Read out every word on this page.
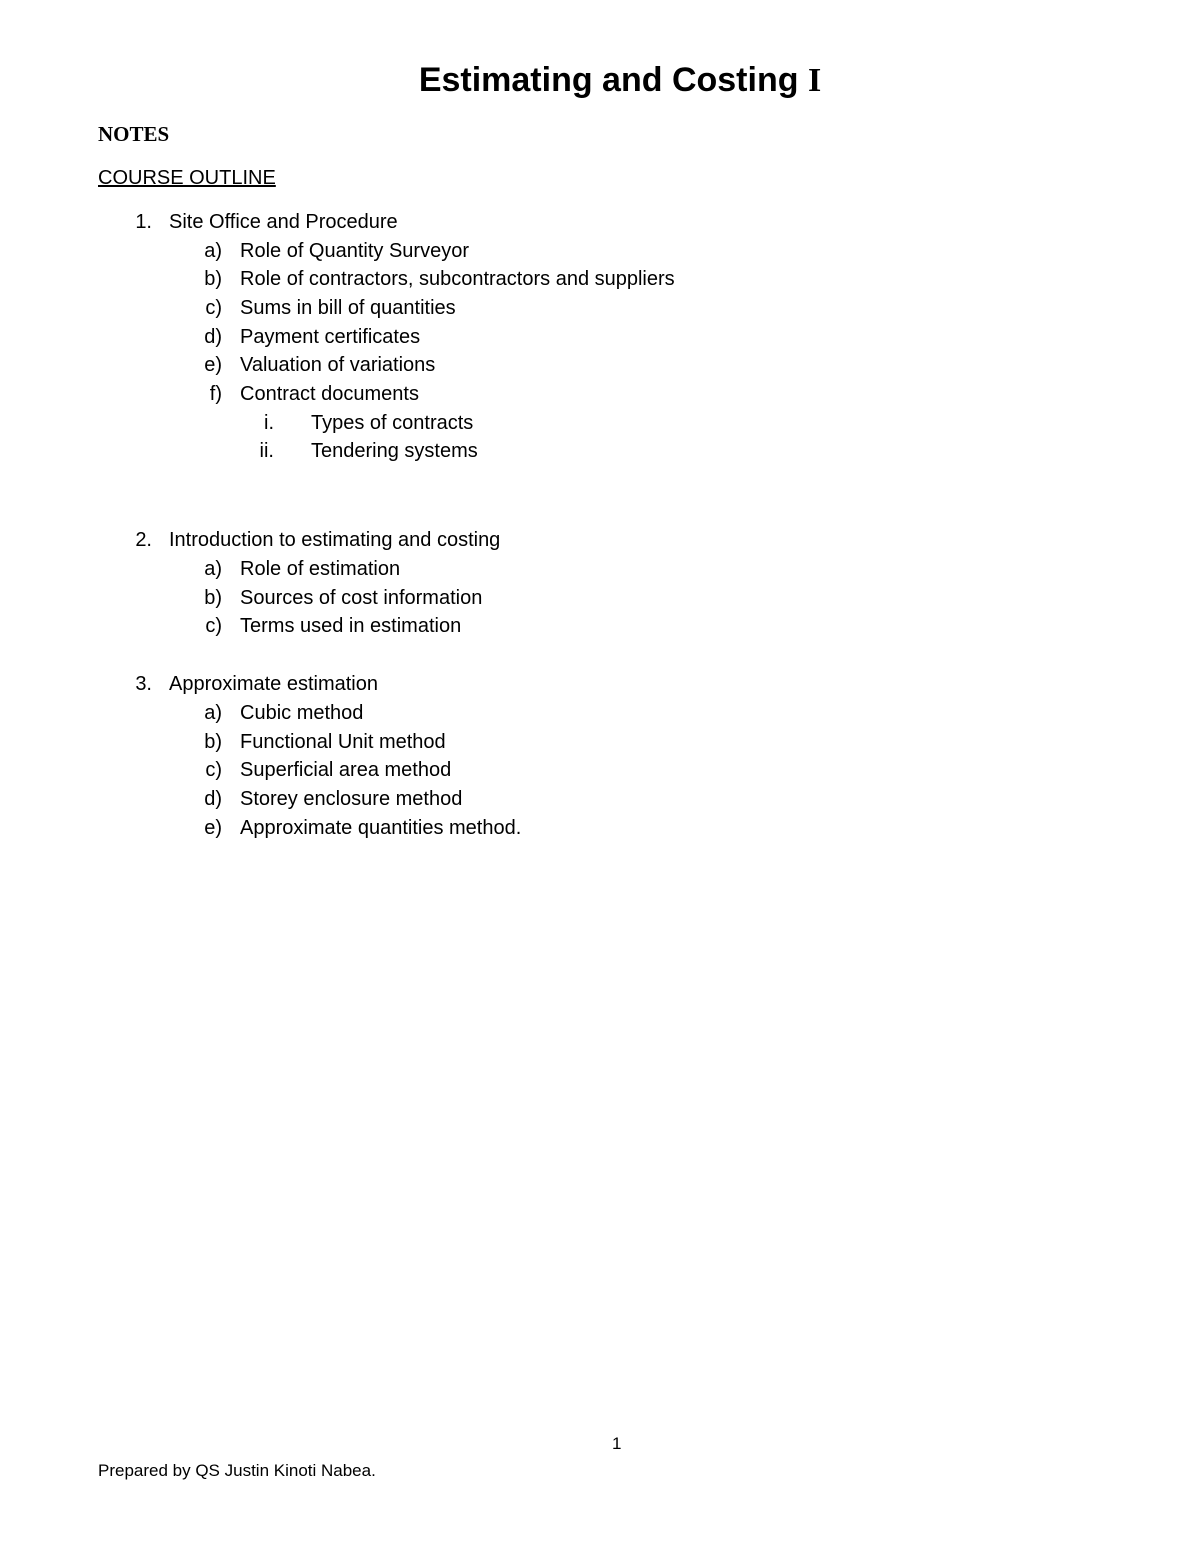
Estimating and Costing I
NOTES
COURSE OUTLINE
1. Site Office and Procedure
a) Role of Quantity Surveyor
b) Role of contractors, subcontractors and suppliers
c) Sums in bill of quantities
d) Payment certificates
e) Valuation of variations
f) Contract documents
i. Types of contracts
ii. Tendering systems
2. Introduction to estimating and costing
a) Role of estimation
b) Sources of cost information
c) Terms used in estimation
3. Approximate estimation
a) Cubic method
b) Functional Unit method
c) Superficial area method
d) Storey enclosure method
e) Approximate quantities method.
1
Prepared by QS Justin Kinoti Nabea.
